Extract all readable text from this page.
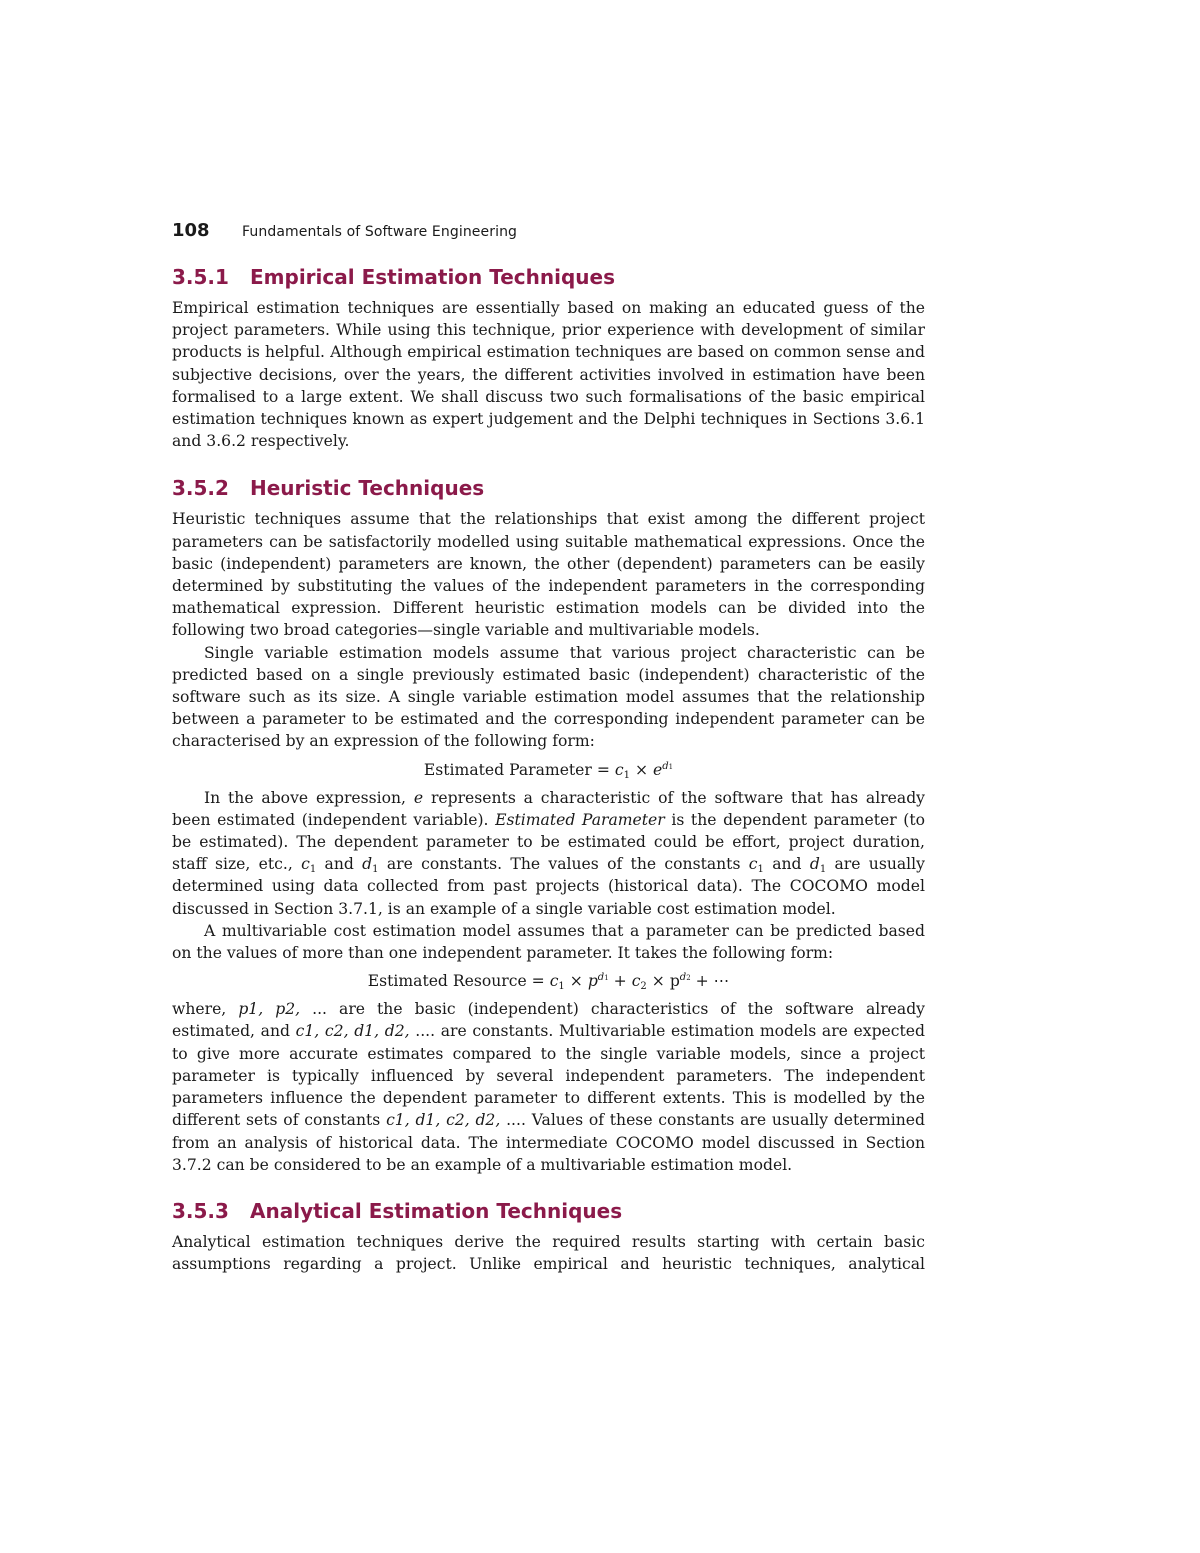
108	Fundamentals of Software Engineering
3.5.1	Empirical Estimation Techniques

Empirical estimation techniques are essentially based on making an educated guess of the project parameters. While using this technique, prior experience with development of similar products is helpful. Although empirical estimation techniques are based on common sense and subjective decisions, over the years, the different activities involved in estimation have been formalised to a large extent. We shall discuss two such formalisations of the basic empirical estimation techniques known as expert judgement and the Delphi techniques in Sections 3.6.1 and 3.6.2 respectively.

3.5.2	Heuristic Techniques

Heuristic techniques assume that the relationships that exist among the different project parameters can be satisfactorily modelled using suitable mathematical expressions. Once the basic (independent) parameters are known, the other (dependent) parameters can be easily determined by substituting the values of the independent parameters in the corresponding mathematical expression. Different heuristic estimation models can be divided into the following two broad categories—single variable and multivariable models.

Single variable estimation models assume that various project characteristic can be predicted based on a single previously estimated basic (independent) characteristic of the software such as its size. A single variable estimation model assumes that the relationship between a parameter to be estimated and the corresponding independent parameter can be characterised by an expression of the following form:

Estimated Parameter = $c_1 \times e^{d1}$

In the above expression, e represents a characteristic of the software that has already been estimated (independent variable). Estimated Parameter is the dependent parameter (to be estimated). The dependent parameter to be estimated could be effort, project duration, staff size, etc., $c_1$ and $d_1$ are constants. The values of the constants $c_1$ and $d_1$ are usually determined using data collected from past projects (historical data). The COCOMO model discussed in Section 3.7.1, is an example of a single variable cost estimation model.

A multivariable cost estimation model assumes that a parameter can be predicted based on the values of more than one independent parameter. It takes the following form:

Estimated Resource = $c_1 \times p^{d1} + c_2 \times p^{d2}$ + ⋯

where, p1, p2, ... are the basic (independent) characteristics of the software already estimated, and c1, c2, d1, d2, .... are constants. Multivariable estimation models are expected to give more accurate estimates compared to the single variable models, since a project parameter is typically influenced by several independent parameters. The independent parameters influence the dependent parameter to different extents. This is modelled by the different sets of constants c1, d1, c2, d2, .... Values of these constants are usually determined from an analysis of historical data. The intermediate COCOMO model discussed in Section 3.7.2 can be considered to be an example of a multivariable estimation model.

3.5.3	Analytical Estimation Techniques

Analytical estimation techniques derive the required results starting with certain basic assumptions regarding a project. Unlike empirical and heuristic techniques, analytical
